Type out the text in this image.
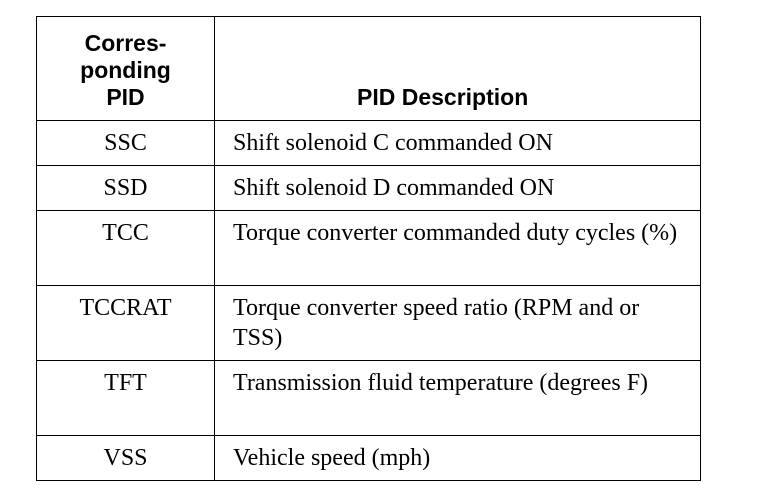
Corres-
ponding
PID	PID Description
SSC	Shift solenoid C commanded ON
SSD	Shift solenoid D commanded ON
TCC	Torque converter commanded duty cycles (%)
TCCRAT	Torque converter speed ratio (RPM and or TSS)
TFT	Transmission fluid temperature (degrees F)
VSS	Vehicle speed (mph)
